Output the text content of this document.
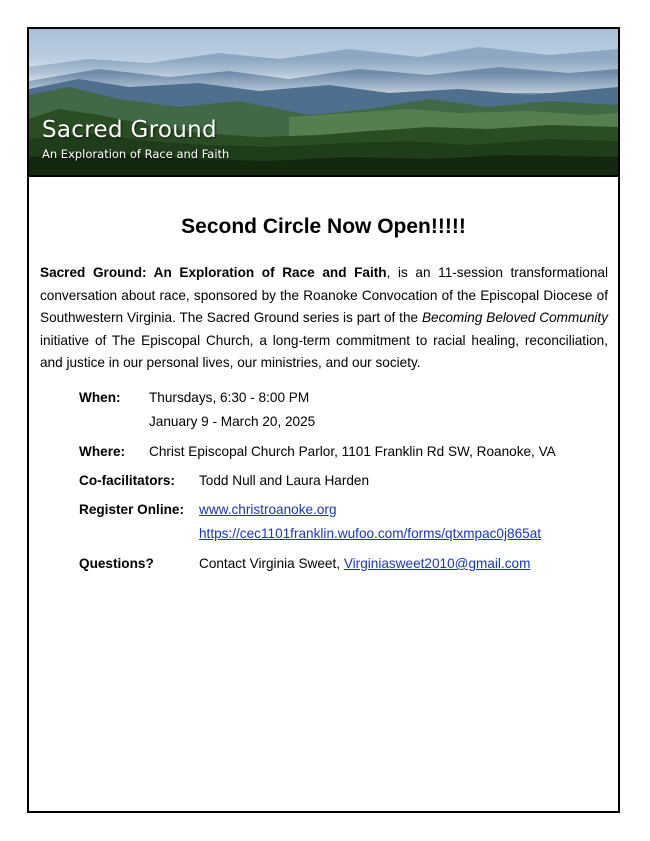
Sacred Ground
An Exploration of Race and Faith
Second Circle Now Open!!!!!

Sacred Ground: An Exploration of Race and Faith, is an 11-session transformational conversation about race, sponsored by the Roanoke Convocation of the Episcopal Diocese of Southwestern Virginia. The Sacred Ground series is part of the Becoming Beloved Community initiative of The Episcopal Church, a long-term commitment to racial healing, reconciliation, and justice in our personal lives, our ministries, and our society.

When: Thursdays, 6:30 - 8:00 PM
January 9 - March 20, 2025
Where: Christ Episcopal Church Parlor, 1101 Franklin Rd SW, Roanoke, VA
Co-facilitators: Todd Null and Laura Harden
Register Online: www.christroanoke.org
https://cec1101franklin.wufoo.com/forms/qtxmpac0j865at
Questions?	Contact Virginia Sweet, Virginiasweet2010@gmail.com
